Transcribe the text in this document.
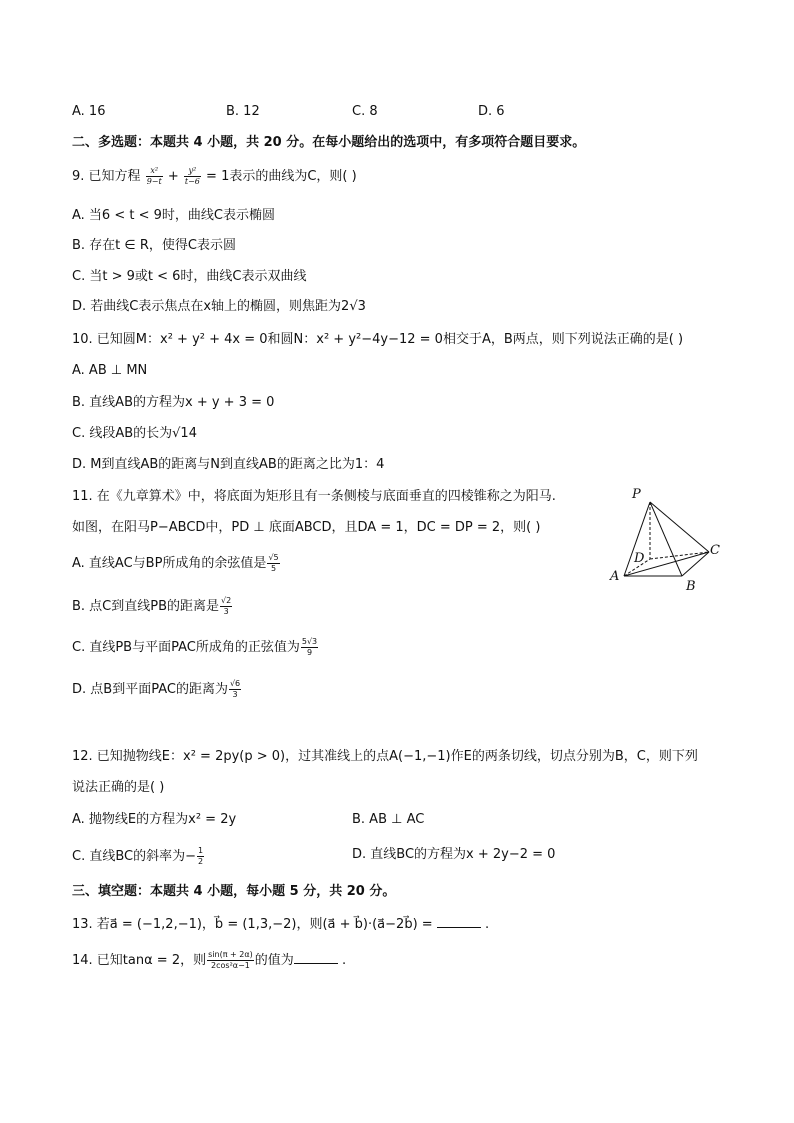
A. 16	B. 12	C. 8	D. 6
二、多选题：本题共 4 小题，共 20 分。在每小题给出的选项中，有多项符合题目要求。
9. 已知方程 $\frac{\text{x²}}{9-t} + \frac{\text{y²}}{t-6} = 1$表示的曲线为C，则( )
A. 当6 < t < 9时，曲线C表示椭圆
B. 存在t ∈ R，使得C表示圆
C. 当t > 9或t < 6时，曲线C表示双曲线
D. 若曲线C表示焦点在x轴上的椭圆，则焦距为2√3
10. 已知圆M：x² + y² + 4x = 0和圆N：x² + y²−4y−12 = 0相交于A，B两点，则下列说法正确的是( )
A. AB ⊥ MN
B. 直线AB的方程为x + y + 3 = 0
C. 线段AB的长为√14
D. M到直线AB的距离与N到直线AB的距离之比为1：4
11. 在《九章算术》中，将底面为矩形且有一条侧棱与底面垂直的四棱锥称之为阳马.
如图，在阳马P−ABCD中，PD ⊥ 底面ABCD，且DA = 1，DC = DP = 2，则( )
A. 直线AC与BP所成角的余弦值是 $\frac{√5}{5}$
B. 点C到直线PB的距离是 $\frac{√2}{3}$
C. 直线PB与平面PAC所成角的正弦值为 $\frac{5√3}{9}$
D. 点B到平面PAC的距离为 $\frac{√6}{3}$
P
D
C
A
B
12. 已知抛物线E：x² = 2py(p > 0)，过其准线上的点A(−1,−1)作E的两条切线，切点分别为B，C，则下列
说法正确的是( )
A. 抛物线E的方程为x² = 2y	B. AB ⊥ AC
C. 直线BC的斜率为− $\frac{1}{2}$	D. 直线BC的方程为x + 2y−2 = 0
三、填空题：本题共 4 小题，每小题 5 分，共 20 分。
13. 若a⃗ = (−1,2,−1)，b⃗ = (1,3,−2)，则(a⃗ + b⃗)·(a⃗−2b⃗) =	.
14. 已知tanα = 2，则 $\frac{\sin(\pi + 2\alpha)}{\text{2cos²α−1}}$ 的值为	.
